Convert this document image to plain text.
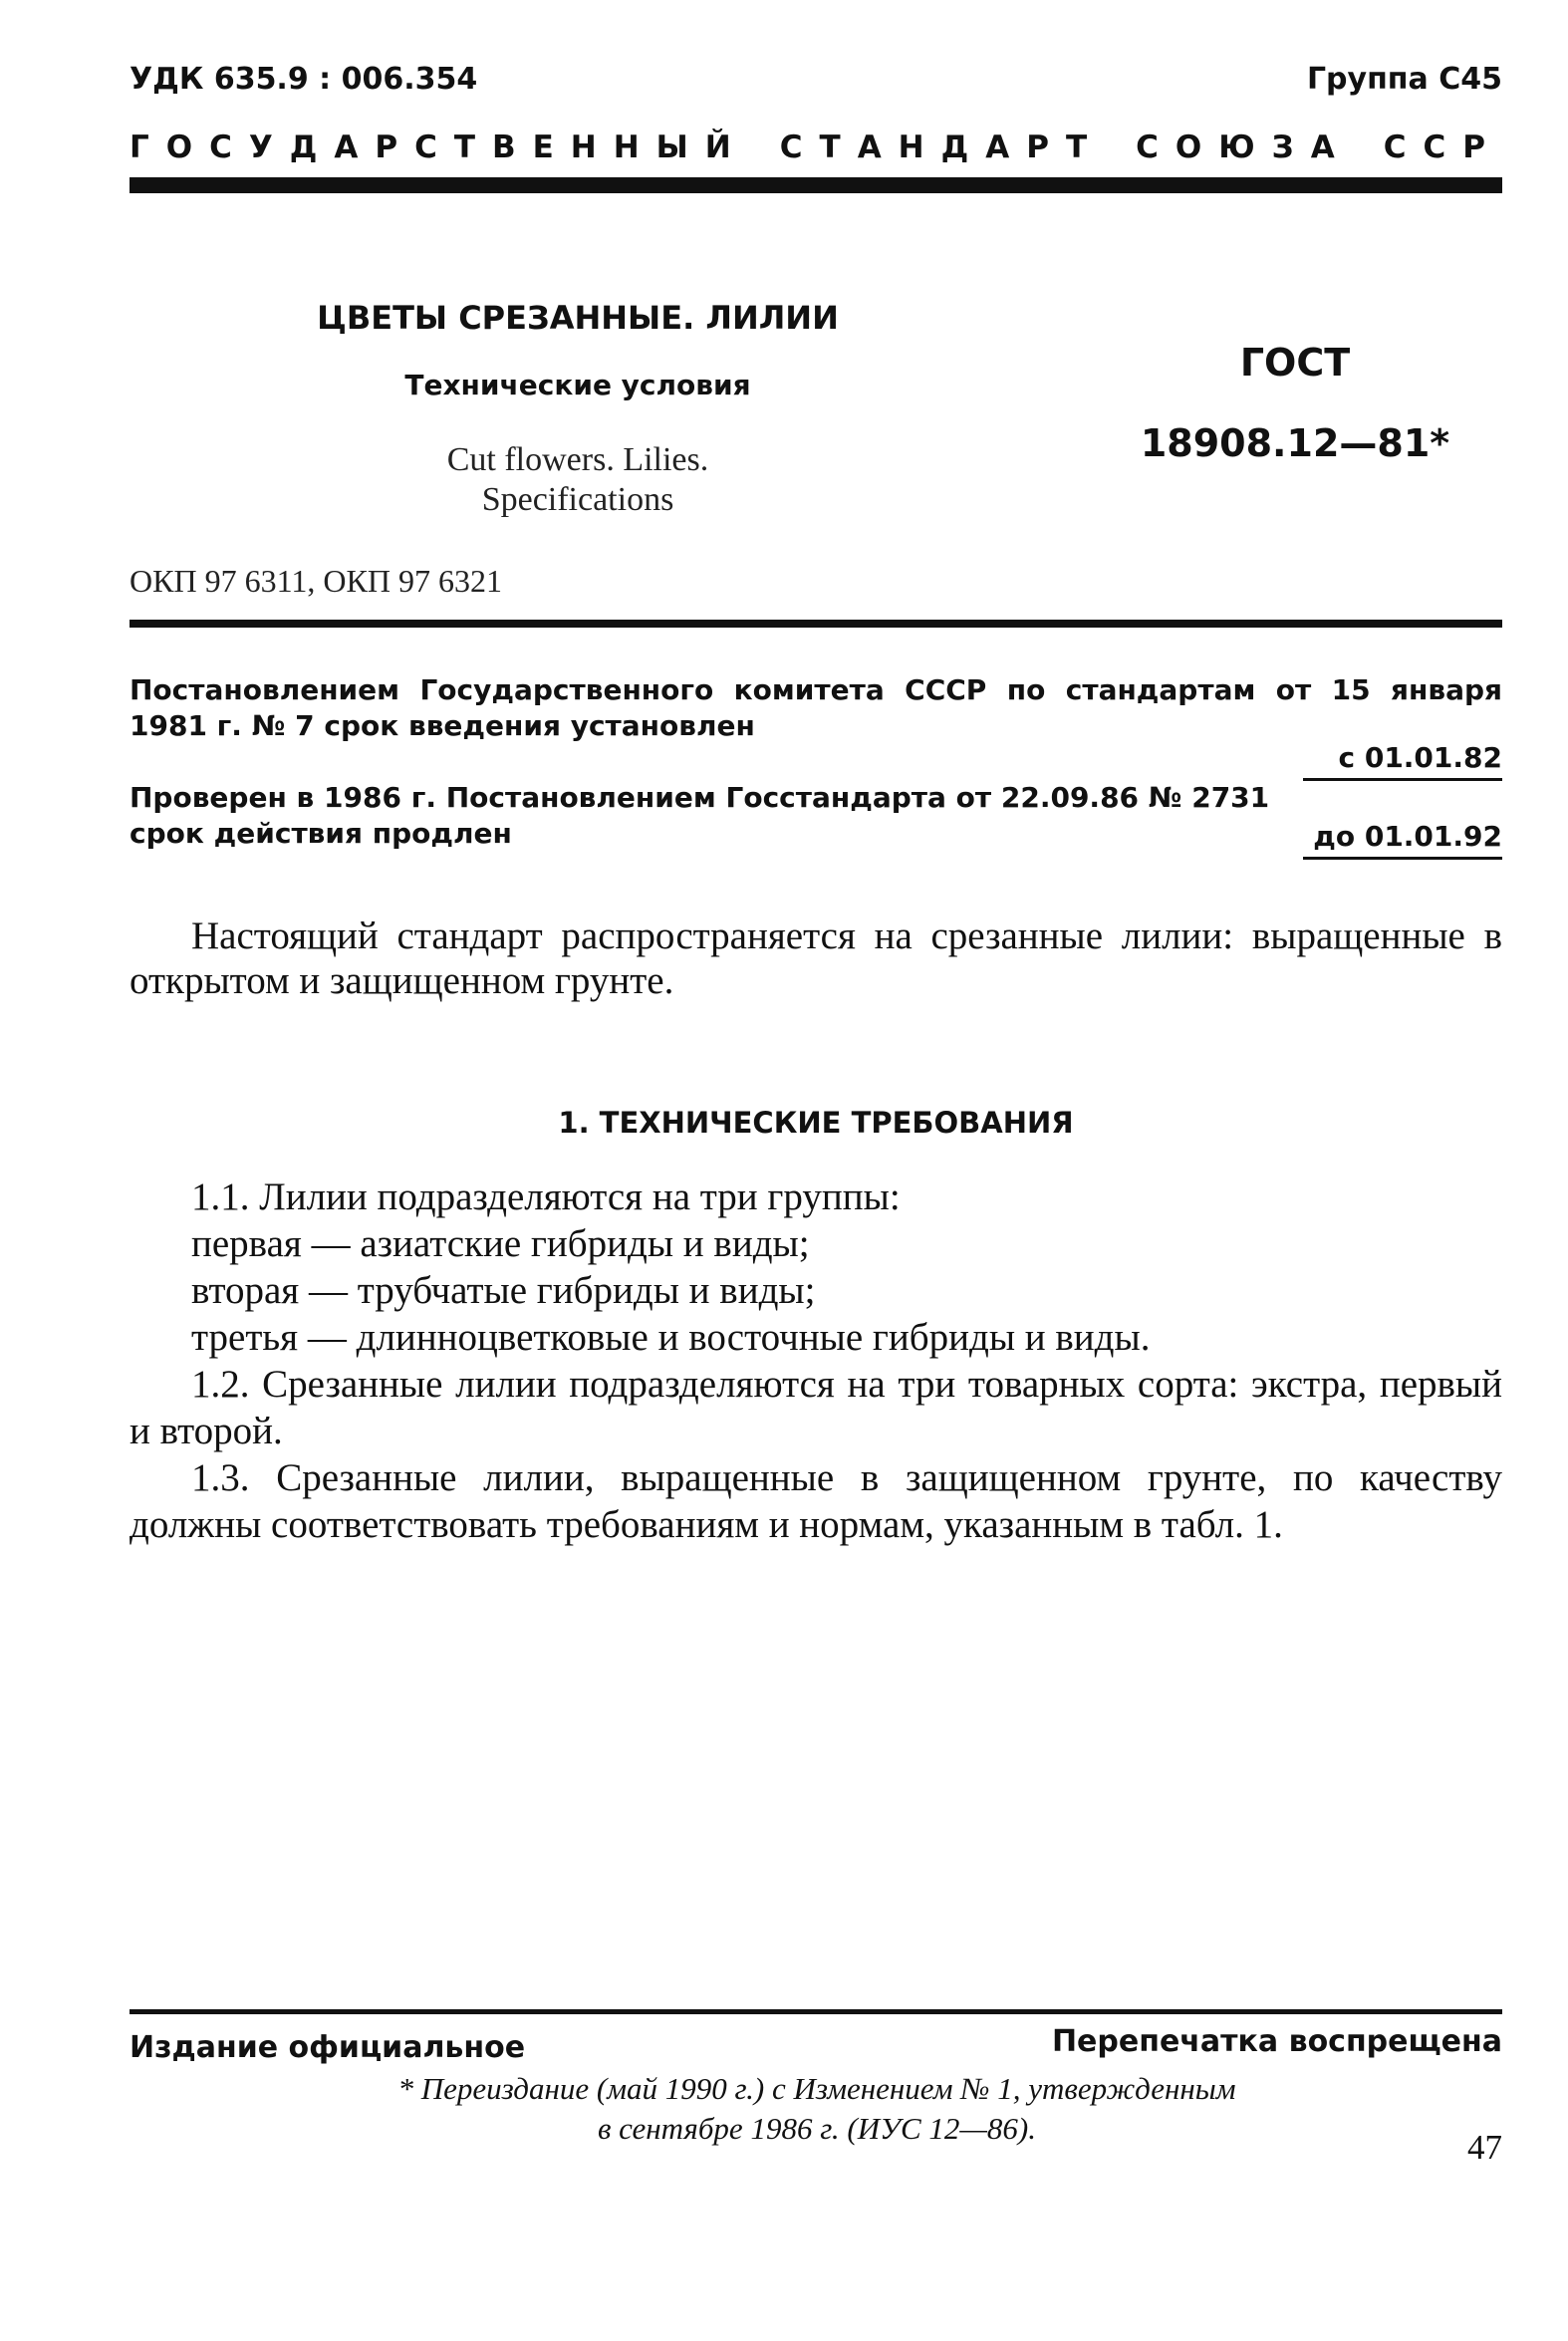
УДК 635.9 : 006.354	Группа С45
ГОСУДАРСТВЕННЫЙ СТАНДАРТ СОЮЗА ССР
ЦВЕТЫ СРЕЗАННЫЕ. ЛИЛИИ
Технические условия
Cut flowers. Lilies.
Specifications
ГОСТ
18908.12—81*
ОКП 97 6311, ОКП 97 6321
Постановлением Государственного комитета СССР по стандартам от 15 января 1981 г. № 7 срок введения установлен
с 01.01.82
Проверен в 1986 г. Постановлением Госстандарта от 22.09.86 № 2731
срок действия продлен	до 01.01.92

Настоящий стандарт распространяется на срезанные лилии: выращенные в открытом и защищенном грунте.

1. ТЕХНИЧЕСКИЕ ТРЕБОВАНИЯ

1.1. Лилии подразделяются на три группы:

первая — азиатские гибриды и виды;

вторая — трубчатые гибриды и виды;

третья — длинноцветковые и восточные гибриды и виды.

1.2. Срезанные лилии подразделяются на три товарных сорта: экстра, первый и второй.

1.3. Срезанные лилии, выращенные в защищенном грунте, по качеству должны соответствовать требованиям и нормам, указанным в табл. 1.

Издание официальное	Перепечатка воспрещена
* Переиздание (май 1990 г.) с Изменением № 1, утвержденным
в сентябре 1986 г. (ИУС 12—86).	47
